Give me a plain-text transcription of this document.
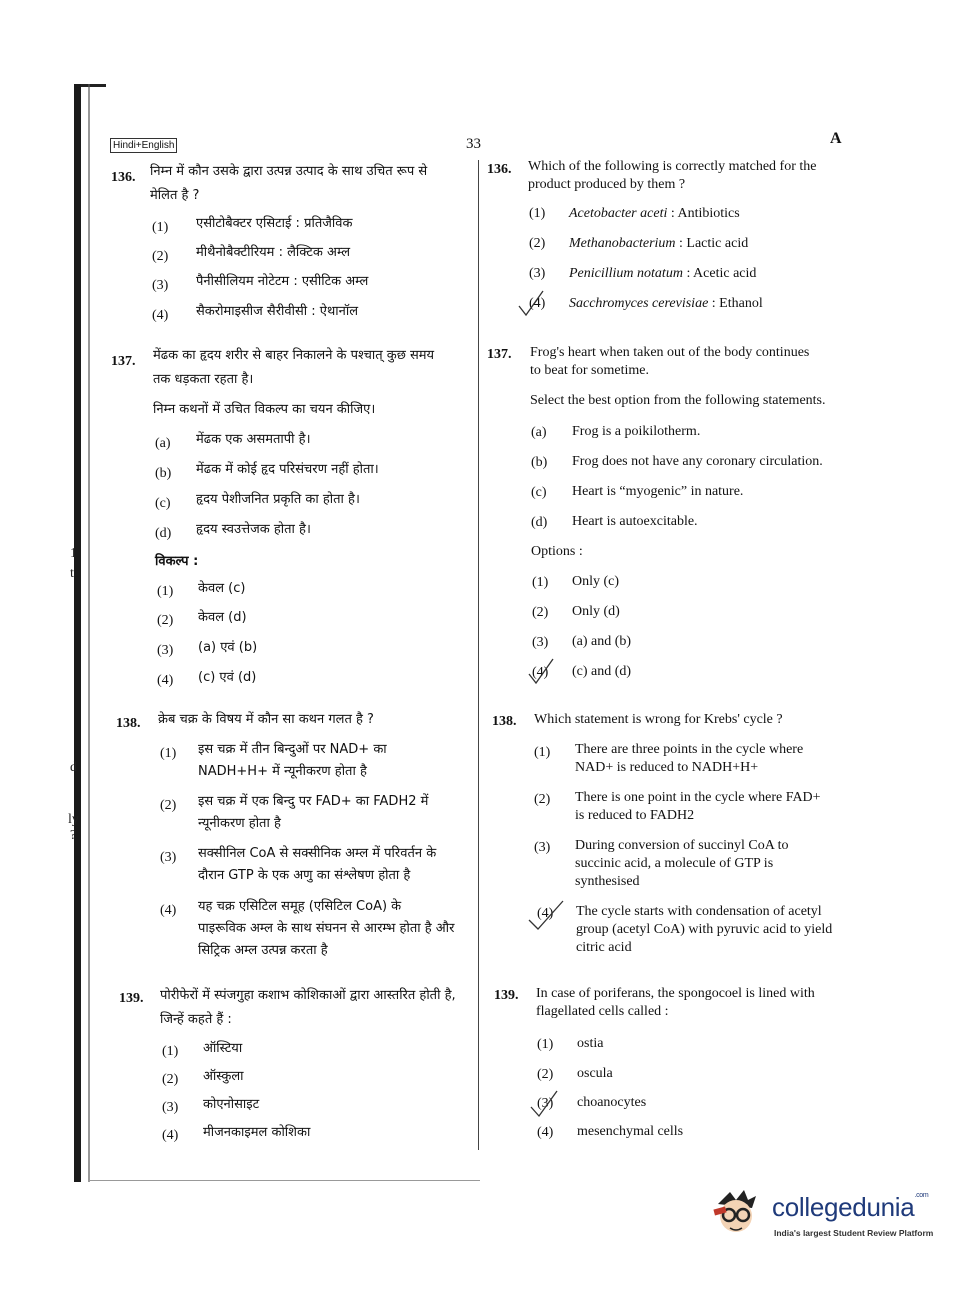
Hindi+English	33	A
1
t
d
ly
?
136. निम्न में कौन उसके द्वारा उत्पन्न उत्पाद के साथ उचित रूप से
मेलित है ?
(1) एसीटोबैक्टर एसिटाई : प्रतिजैविक
(2) मीथैनोबैक्टीरियम : लैक्टिक अम्ल
(3) पैनीसीलियम नोटेटम : एसीटिक अम्ल
(4) सैकरोमाइसीज सैरीवीसी : ऐथानॉल
136. Which of the following is correctly matched for the
product produced by them ?
(1) Acetobacter aceti : Antibiotics
(2) Methanobacterium : Lactic acid
(3) Penicillium notatum : Acetic acid
(4) Sacchromyces cerevisiae : Ethanol
137. मेंढक का हृदय शरीर से बाहर निकालने के पश्चात् कुछ समय
तक धड़कता रहता है।
निम्न कथनों में उचित विकल्प का चयन कीजिए।
(a) मेंढक एक असमतापी है।
(b) मेंढक में कोई हृद परिसंचरण नहीं होता।
(c) हृदय पेशीजनित प्रकृति का होता है।
(d) हृदय स्वउत्तेजक होता है।
विकल्प :
(1) केवल (c)
(2) केवल (d)
(3) (a) एवं (b)
(4) (c) एवं (d)
137. Frog's heart when taken out of the body continues
to beat for sometime.
Select the best option from the following statements.
(a) Frog is a poikilotherm.
(b) Frog does not have any coronary circulation.
(c) Heart is “myogenic” in nature.
(d) Heart is autoexcitable.
Options :
(1) Only (c)
(2) Only (d)
(3) (a) and (b)
(4) (c) and (d)
138. क्रेब चक्र के विषय में कौन सा कथन गलत है ?
(1) इस चक्र में तीन बिन्दुओं पर NAD+ का
NADH+H+ में न्यूनीकरण होता है
(2) इस चक्र में एक बिन्दु पर FAD+ का FADH2 में
न्यूनीकरण होता है
(3) सक्सीनिल CoA से सक्सीनिक अम्ल में परिवर्तन के
दौरान GTP के एक अणु का संश्लेषण होता है
(4) यह चक्र एसिटिल समूह (एसिटिल CoA) के
पाइरूविक अम्ल के साथ संघनन से आरम्भ होता है और
सिट्रिक अम्ल उत्पन्न करता है
138. Which statement is wrong for Krebs' cycle ?
(1) There are three points in the cycle where
NAD+ is reduced to NADH+H+
(2) There is one point in the cycle where FAD+
is reduced to FADH2
(3) During conversion of succinyl CoA to
succinic acid, a molecule of GTP is
synthesised
(4) The cycle starts with condensation of acetyl
group (acetyl CoA) with pyruvic acid to yield
citric acid
139. पोरीफेरों में स्पंजगुहा कशाभ कोशिकाओं द्वारा आस्तरित होती है,
जिन्हें कहते हैं :
(1) ऑस्टिया
(2) ऑस्कुला
(3) कोएनोसाइट
(4) मीजनकाइमल कोशिका
139. In case of poriferans, the spongocoel is lined with
flagellated cells called :
(1) ostia
(2) oscula
(3) choanocytes
(4) mesenchymal cells
collegedunia$^{.com}$
India's largest Student Review Platform
